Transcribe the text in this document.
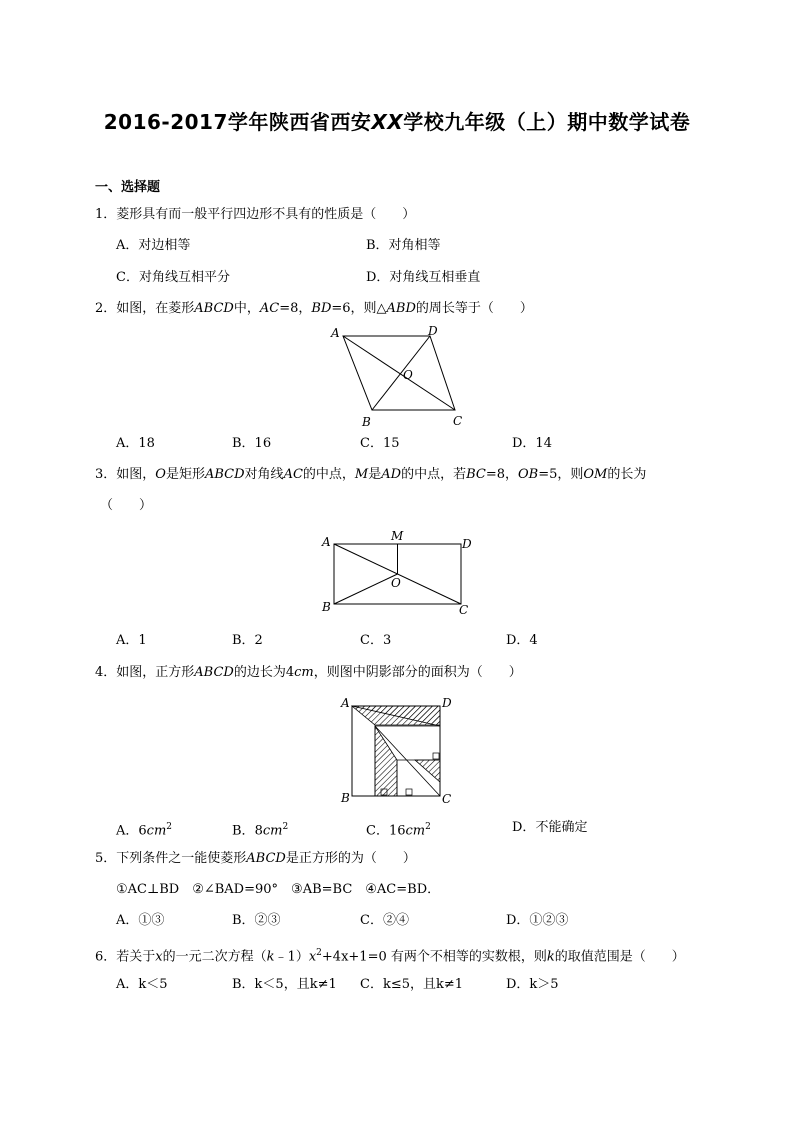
2016-2017学年陕西省西安XX学校九年级（上）期中数学试卷
一、选择题
1．菱形具有而一般平行四边形不具有的性质是（　　）
A．对边相等	B．对角相等
C．对角线互相平分	D．对角线互相垂直
2．如图，在菱形ABCD中，AC=8，BD=6，则△ABD的周长等于（　　）
A	D
O
B	C
A．18	B．16	C．15	D．14
3．如图，O是矩形ABCD对角线AC的中点，M是AD的中点，若BC=8，OB=5，则OM的长为
（　　）
A	M
D
O
B	C
A．1	B．2	C．3	D．4
4．如图，正方形ABCD的边长为4cm，则图中阴影部分的面积为（　　）
A	D
B	C
A．$6cm^2$	B．$8cm^2$	C．$16cm^2$	D．不能确定
5．下列条件之一能使菱形ABCD是正方形的为（　　）
①AC⊥BD　②∠BAD=90°　③AB=BC　④AC=BD．
A．①③	B．②③	C．②④	D．①②③
6．若关于x的一元二次方程$(k﹣1)x^2+4x+1=0$ 有两个不相等的实数根，则k的取值范围是（　　）
A．k＜5	B．k＜5，且k≠1 C．k≤5，且k≠1	D．k＞5
